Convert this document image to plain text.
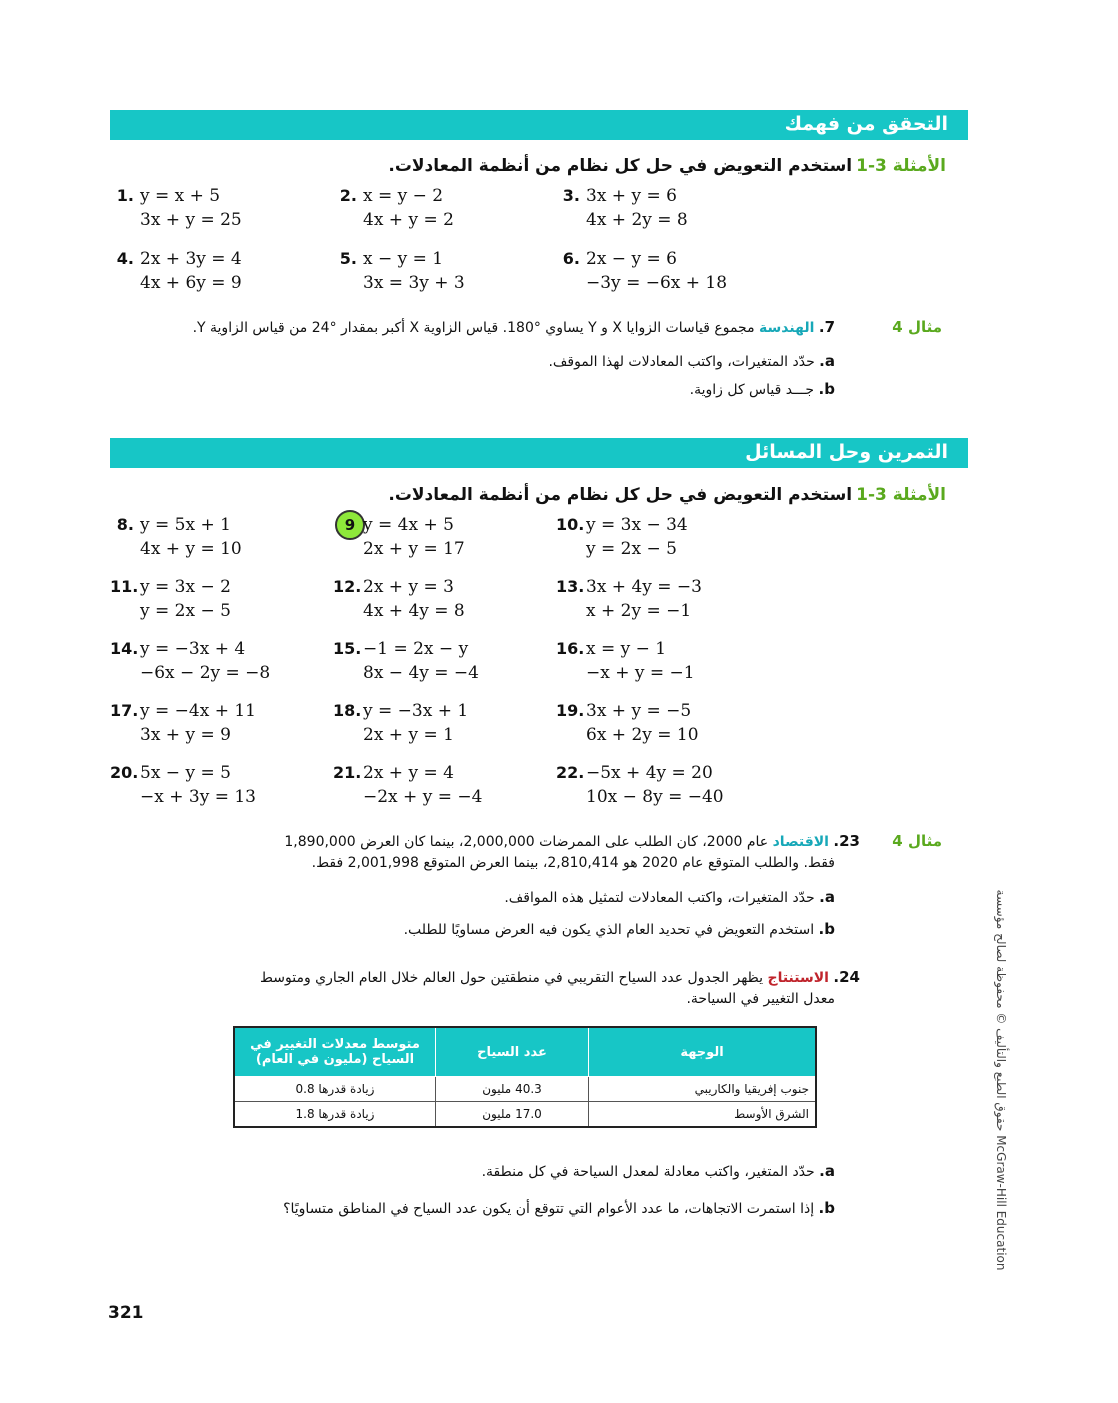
التحقق من فهمك
الأمثلة 3-1استخدم التعويض في حل كل نظام من أنظمة المعادلات.
1. y = x + 5
3x + y = 25
2. x = y − 2
4x + y = 2
3. 3x + y = 6
4x + 2y = 8
4. 2x + 3y = 4
4x + 6y = 9
5. x − y = 1
3x = 3y + 3
6. 2x − y = 6
−3y = −6x + 18
مثال 4
7. الهندسة مجموع قياسات الزوايا X و Y يساوي °180. قياس الزاوية X أكبر بمقدار °24 من قياس الزاوية Y.
a. حدّد المتغيرات، واكتب المعادلات لهذا الموقف.
b. جـــد قياس كل زاوية.
التمرين وحل المسائل
الأمثلة 3-1استخدم التعويض في حل كل نظام من أنظمة المعادلات.
8. y = 5x + 1
4x + y = 10
9 y = 4x + 5
2x + y = 17
10. y = 3x − 34
y = 2x − 5
11. y = 3x − 2
y = 2x − 5
12. 2x + y = 3
4x + 4y = 8
13. 3x + 4y = −3
x + 2y = −1
14. y = −3x + 4
−6x − 2y = −8
15. −1 = 2x − y
8x − 4y = −4
16. x = y − 1
−x + y = −1
17. y = −4x + 11
3x + y = 9
18. y = −3x + 1
2x + y = 1
19. 3x + y = −5
6x + 2y = 10
20. 5x − y = 5
−x + 3y = 13
21. 2x + y = 4
−2x + y = −4
22. −5x + 4y = 20
10x − 8y = −40
مثال 4
23. الاقتصاد عام 2000، كان الطلب على الممرضات 2,000,000، بينما كان العرض 1,890,000
فقط. والطلب المتوقع عام 2020 هو 2,810,414، بينما العرض المتوقع 2,001,998 فقط.
a. حدّد المتغيرات، واكتب المعادلات لتمثيل هذه المواقف.
b. استخدم التعويض في تحديد العام الذي يكون فيه العرض مساويًا للطلب.
24. الاستنتاج يظهر الجدول عدد السياح التقريبي في منطقتين حول العالم خلال العام الجاري ومتوسط
معدل التغيير في السياحة.
الوجهة	عدد السياح	متوسط معدلات التغيير في السياح (مليون في العام)
جنوب إفريقيا والكاريبي	40.3 مليون	زيادة قدرها 0.8
الشرق الأوسط	17.0 مليون	زيادة قدرها 1.8
a. حدّد المتغير، واكتب معادلة لمعدل السياحة في كل منطقة.
b. إذا استمرت الاتجاهات، ما عدد الأعوام التي تتوقع أن يكون عدد السياح في المناطق متساويًا؟
حقوق الطبع والتأليف © محفوظة لصالح مؤسسة McGraw-Hill Education
321
